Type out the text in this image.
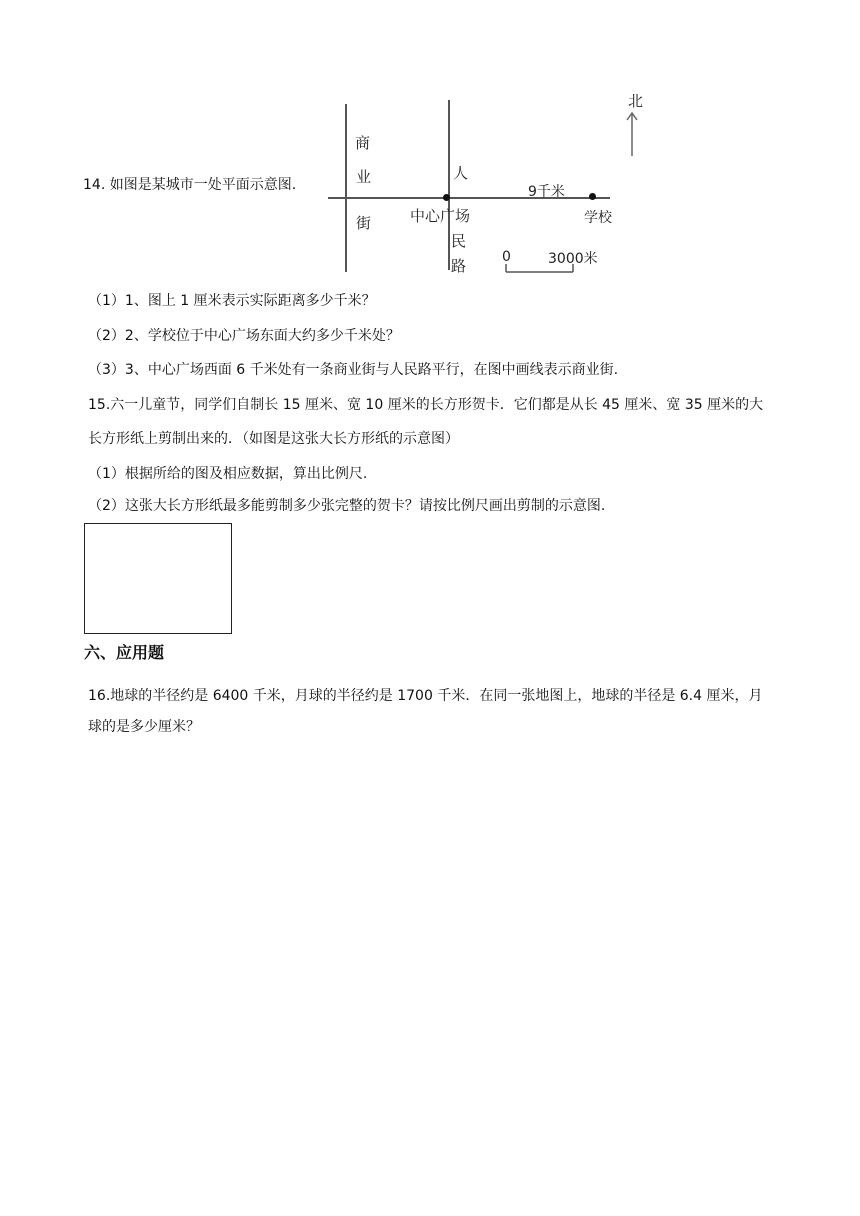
14. 如图是某城市一处平面示意图.
北
商
业
街
人
民
路
中心广场
9千米
学校
0	3000米
（1）1、图上 1 厘米表示实际距离多少千米？
（2）2、学校位于中心广场东面大约多少千米处？
（3）3、中心广场西面 6 千米处有一条商业街与人民路平行，在图中画线表示商业街.
15.六一儿童节，同学们自制长 15 厘米、宽 10 厘米的长方形贺卡．它们都是从长 45 厘米、宽 35 厘米的大
长方形纸上剪制出来的．（如图是这张大长方形纸的示意图）
（1）根据所给的图及相应数据，算出比例尺.
（2）这张大长方形纸最多能剪制多少张完整的贺卡？请按比例尺画出剪制的示意图.
六、应用题
16.地球的半径约是 6400 千米，月球的半径约是 1700 千米．在同一张地图上，地球的半径是 6.4 厘米，月
球的是多少厘米？
